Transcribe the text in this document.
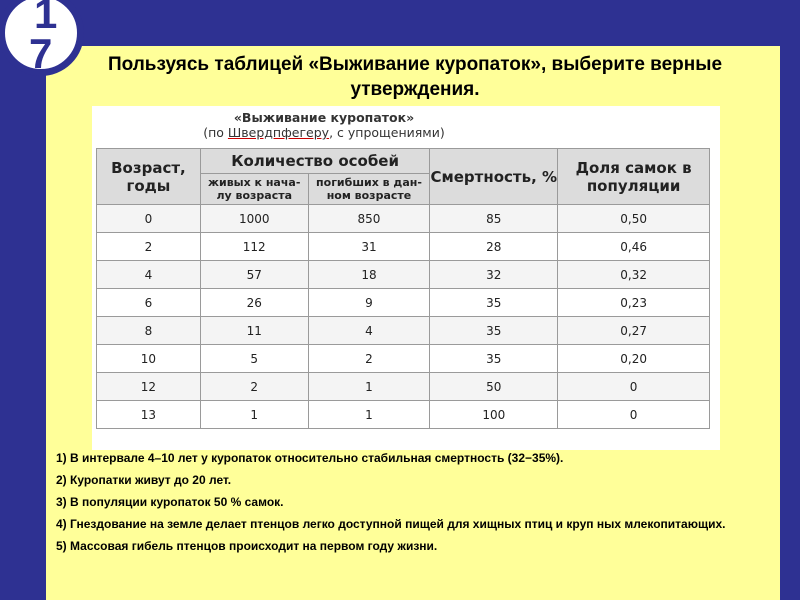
1
7	Пользуясь таблицей «Выживание куропаток», выберите верные утверждения.
«Выживание куропаток»
(по Швердпфегеру, с упрощениями)
Возраст, годы	Количество особей		Смертность, %	Доля самок в популяции
	живых к нача-лу возраста	погибших в дан-ном возрасте		
0	1000	850	85	0,50
2	112	31	28	0,46
4	57	18	32	0,32
6	26	9	35	0,23
8	11	4	35	0,27
10	5	2	35	0,20
12	2	1	50	0
13	1	1	100	0

1) В интервале 4–10 лет у куропаток относительно стабильная смертность (32−35%).

2) Куропатки живут до 20 лет.

3) В популяции куропаток 50 % самок.

4) Гнездование на земле делает птенцов легко доступной пищей для хищных птиц и круп ных млекопитающих.

5) Массовая гибель птенцов происходит на первом году жизни.
